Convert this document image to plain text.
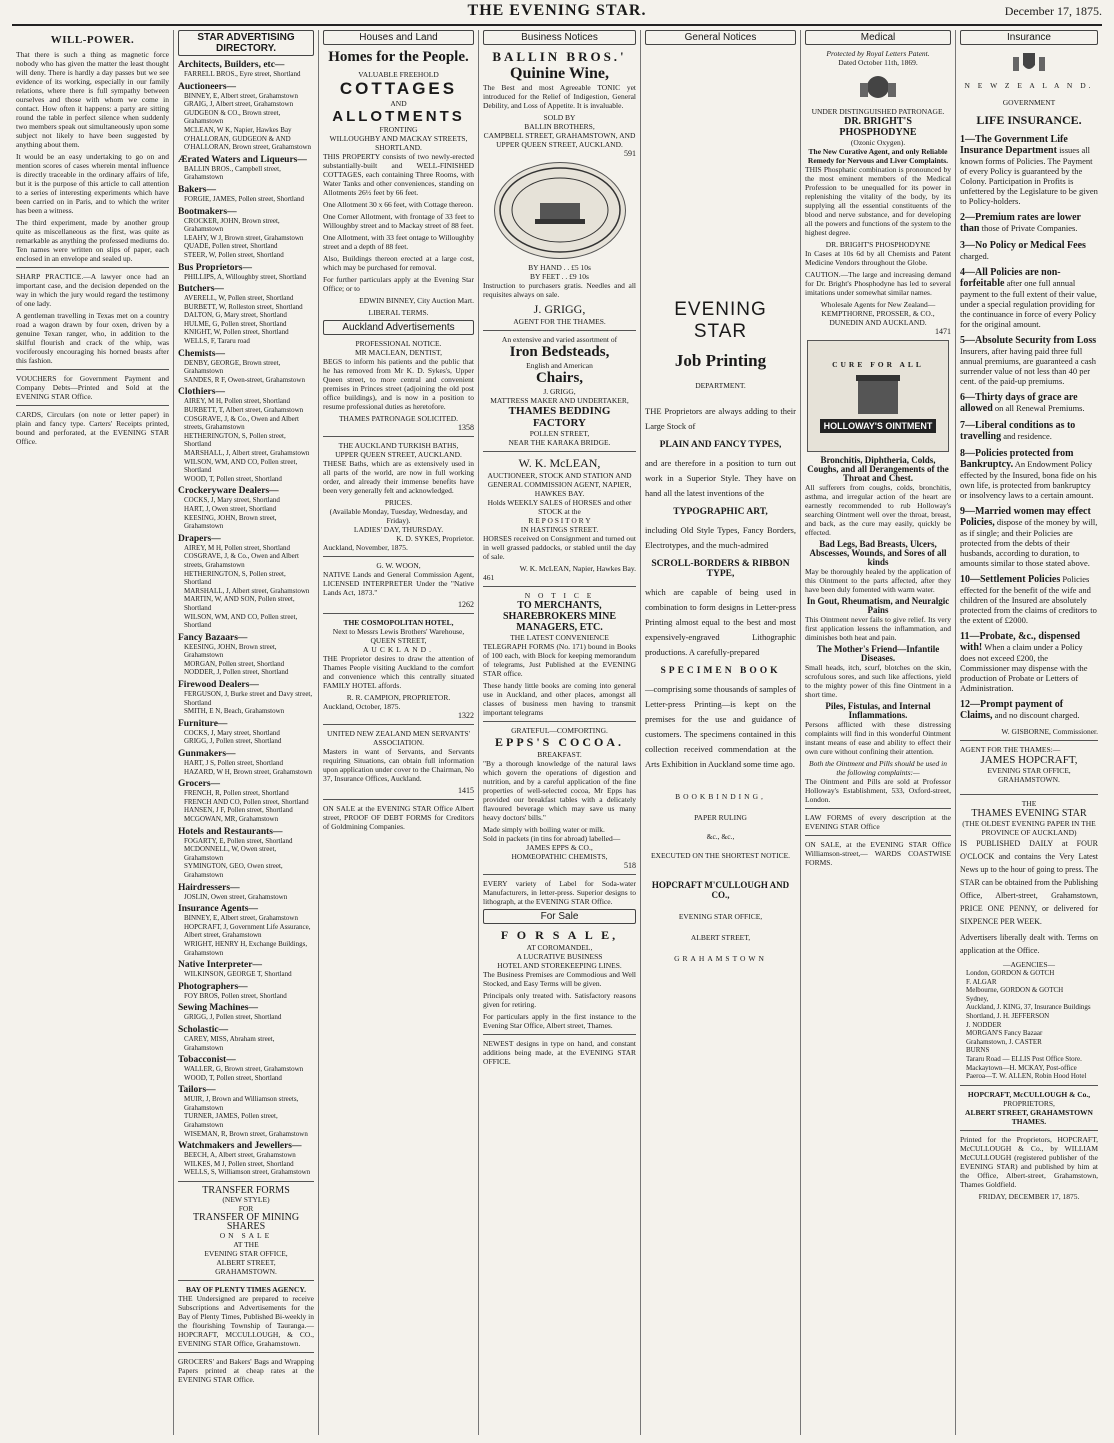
THE EVENING STAR.	December 17, 1875.
WILL-POWER.

That there is such a thing as magnetic force nobody who has given the matter the least thought will deny. There is hardly a day passes but we see evidence of its working, especially in our family relations, where there is full sympathy between ourselves and those with whom we come in contact. How often it happens: a party are sitting round the table in perfect silence when suddenly two members speak out simultaneously upon some subject not likely to have been suggested by anything about them.

It would be an easy undertaking to go on and mention scores of cases wherein mental influence is directly traceable in the ordinary affairs of life, but it is the purpose of this article to call attention to a series of interesting experiments which have been carried on in Paris, and to which the writer has been a witness.

The third experiment, made by another group quite as miscellaneous as the first, was quite as remarkable as anything the professed mediums do. Ten names were written on slips of paper, each enclosed in an envelope and sealed up.

SHARP PRACTICE.—A lawyer once had an important case, and the decision depended on the way in which the jury would regard the testimony of one lady.

A gentleman travelling in Texas met on a country road a wagon drawn by four oxen, driven by a genuine Texan ranger, who, in addition to the skilful flourish and crack of the whip, was vociferously encouraging his horned beasts after this fashion.

VOUCHERS for Government Payment and Company Debts—Printed and Sold at the EVENING STAR Office.

CARDS, Circulars (on note or letter paper) in plain and fancy type. Carters' Receipts printed, bound and perforated, at the EVENING STAR Office.

STAR ADVERTISING DIRECTORY.
Architects, Builders, etc—
FARRELL BROS., Eyre street, Shortland
Auctioneers—
BINNEY, E, Albert street, Grahamstown
GRAIG, J, Albert street, Grahamstown
GUDGEON & CO., Brown street, Grahamstown
MCLEAN, W K, Napier, Hawkes Bay
O'HALLORAN, GUDGEON & AND O'HALLORAN, Brown street, Grahamstown
Ærated Waters and Liqueurs—
BALLIN BROS., Campbell street, Grahamstown
Bakers—
FORGIE, JAMES, Pollen street, Shortland
Bootmakers—
CROCKER, JOHN, Brown street, Grahamstown
LEAHY, W J, Brown street, Grahamstown
QUADE, Pollen street, Shortland
STEER, W, Pollen street, Shortland
Bus Proprietors—
PHILLIPS, A, Willoughby street, Shortland
Butchers—
AVERELL, W, Pollen street, Shortland
BURBETT, W, Rolleston street, Shortland
DALTON, G, Mary street, Shortland
HULME, G, Pollen street, Shortland
KNIGHT, W, Pollen street, Shortland
WELLS, F, Tararu road
Chemists—
DENBY, GEORGE, Brown street, Grahamstown
SANDES, R F, Owen-street, Grahamstown
Clothiers—
AIREY, M H, Pollen street, Shortland
BURBETT, T, Albert street, Grahamstown
COSGRAVE, J, & Co., Owen and Albert streets, Grahamstown
HETHERINGTON, S, Pollen street, Shortland
MARSHALL, J, Albert street, Grahamstown
WILSON, WM, AND CO, Pollen street, Shortland
WOOD, T, Pollen street, Shortland
Crockeryware Dealers—
COCKS, J, Mary street, Shortland
HART, J, Owen street, Shortland
KEESING, JOHN, Brown street, Grahamstown
Drapers—
AIREY, M H, Pollen street, Shortland
COSGRAVE, J, & Co., Owen and Albert streets, Grahamstown
HETHERINGTON, S, Pollen street, Shortland
MARSHALL, J, Albert street, Grahamstown
MARTIN, W, AND SON, Pollen street, Shortland
WILSON, WM, AND CO, Pollen street, Shortland
Fancy Bazaars—
KEESING, JOHN, Brown street, Grahamstown
MORGAN, Pollen street, Shortland
NODDER, J, Pollen street, Shortland
Firewood Dealers—
FERGUSON, J, Burke street and Davy street, Shortland
SMITH, E N, Beach, Grahamstown
Furniture—
COCKS, J, Mary street, Shortland
GRIGG, J, Pollen street, Shortland
Gunmakers—
HART, J S, Pollen street, Shortland
HAZARD, W H, Brown street, Grahamstown
Grocers—
FRENCH, R, Pollen street, Shortland
FRENCH AND CO, Pollen street, Shortland
HANSEN, J F, Pollen street, Shortland
MCGOWAN, MR, Grahamstown
Hotels and Restaurants—
FOGARTY, E, Pollen street, Shortland
MCDONNELL, W, Owen street, Grahamstown
SYMINGTON, GEO, Owen street, Grahamstown
Hairdressers—
JOSLIN, Owen street, Grahamstown
Insurance Agents—
BINNEY, E, Albert street, Grahamstown
HOPCRAFT, J, Government Life Assurance, Albert street, Grahamstown
WRIGHT, HENRY H, Exchange Buildings, Grahamstown
Native Interpreter—
WILKINSON, GEORGE T, Shortland
Photographers—
FOY BROS, Pollen street, Shortland
Sewing Machines—
GRIGG, J, Pollen street, Shortland
Scholastic—
CAREY, MISS, Abraham street, Grahamstown
Tobacconist—
WALLER, G, Brown street, Grahamstown
WOOD, T, Pollen street, Shortland
Tailors—
MUIR, J, Brown and Williamson streets, Grahamstown
TURNER, JAMES, Pollen street, Grahamstown
WISEMAN, R, Brown street, Grahamstown
Watchmakers and Jewellers—
BEECH, A, Albert street, Grahamstown
WILKES, M J, Pollen street, Shortland
WELLS, S, Williamson street, Grahamstown
TRANSFER FORMS
(NEW STYLE)
FOR
TRANSFER OF MINING
SHARES
ON SALE
AT THE
EVENING STAR OFFICE,
ALBERT STREET,
GRAHAMSTOWN.
BAY OF PLENTY TIMES AGENCY.

THE Undersigned are prepared to receive Subscriptions and Advertisements for the Bay of Plenty Times, Published Bi-weekly in the flourishing Township of Tauranga.— HOPCRAFT, MCCULLOUGH, & CO., EVENING STAR Office, Grahamstown.

GROCERS' and Bakers' Bags and Wrapping Papers printed at cheap rates at the EVENING STAR Office.

Houses and Land
Homes for the People.
VALUABLE FREEHOLD
COTTAGES
AND
ALLOTMENTS
FRONTING
WILLOUGHBY AND MACKAY STREETS, SHORTLAND.

THIS PROPERTY consists of two newly-erected substantially-built and WELL-FINISHED COTTAGES, each containing Three Rooms, with Water Tanks and other conveniences, standing on Allotments 26½ feet by 66 feet.

One Allotment 30 x 66 feet, with Cottage thereon.

One Corner Allotment, with frontage of 33 feet to Willoughby street and to Mackay street of 88 feet.

One Allotment, with 33 feet ontage to Willoughby street and a depth of 88 feet.

Also, Buildings thereon erected at a large cost, which may be purchased for removal.

For further particulars apply at the Evening Star Office; or to

EDWIN BINNEY, City Auction Mart.
LIBERAL TERMS.
Auckland Advertisements
PROFESSIONAL NOTICE.
MR MACLEAN, DENTIST,

BEGS to inform his patients and the public that he has removed from Mr K. D. Sykes's, Upper Queen street, to more central and convenient premises in Princes street (adjoining the old post office buildings), and is now in a position to resume professional duties as heretofore.

THAMES PATRONAGE SOLICITED.
1358
THE AUCKLAND TURKISH BATHS,
UPPER QUEEN STREET, AUCKLAND.

THESE Baths, which are as extensively used in all parts of the world, are now in full working order, and already their immense benefits have been very generally felt and acknowledged.

PRICES.
(Available Monday, Tuesday, Wednesday, and Friday).
LADIES' DAY, THURSDAY.
K. D. SYKES, Proprietor.
Auckland, November, 1875.
G. W. WOON,

NATIVE Lands and General Commission Agent, LICENSED INTERPRETER Under the "Native Lands Act, 1873."

1262
THE COSMOPOLITAN HOTEL,
Next to Messrs Lewis Brothers' Warehouse, QUEEN STREET,
AUCKLAND.

THE Proprietor desires to draw the attention of Thames People visiting Auckland to the comfort and convenience which this centrally situated FAMILY HOTEL affords.

R. R. CAMPION, PROPRIETOR.
Auckland, October, 1875.
1322
UNITED NEW ZEALAND MEN SERVANTS' ASSOCIATION.

Masters in want of Servants, and Servants requiring Situations, can obtain full information upon application under cover to the Chairman, No 37, Insurance Offices, Auckland.

1415

ON SALE at the EVENING STAR Office Albert street, PROOF OF DEBT FORMS for Creditors of Goldmining Companies.

Business Notices
BALLIN BROS.'
Quinine Wine,

The Best and most Agreeable TONIC yet introduced for the Relief of Indigestion, General Debility, and Loss of Appetite. It is invaluable.

SOLD BY
BALLIN BROTHERS,
CAMPBELL STREET, GRAHAMSTOWN, AND UPPER QUEEN STREET, AUCKLAND.
591
BY HAND . . £5 10s
BY FEET . . £9 10s

Instruction to purchasers gratis. Needles and all requisites always on sale.

J. GRIGG,
AGENT FOR THE THAMES.
An extensive and varied assortment of
Iron Bedsteads,
English and American
Chairs,
J. GRIGG,
MATTRESS MAKER AND UNDERTAKER,
THAMES BEDDING FACTORY
POLLEN STREET,
NEAR THE KARAKA BRIDGE.
W. K. McLEAN,
AUCTIONEER, STOCK AND STATION AND GENERAL COMMISSION AGENT, NAPIER, HAWKES BAY.
Holds WEEKLY SALES of HORSES and other STOCK at the
R E P O S I T O R Y
IN HASTINGS STREET.

HORSES received on Consignment and turned out in well grassed paddocks, or stabled until the day of sale.

W. K. McLEAN, Napier, Hawkes Bay.
461
N O T I C E
TO MERCHANTS, SHAREBROKERS MINE MANAGERS, ETC.
THE LATEST CONVENIENCE

TELEGRAPH FORMS (No. 171) bound in Books of 100 each, with Block for keeping memorandum of telegrams, Just Published at the EVENING STAR office.

These handy little books are coming into general use in Auckland, and other places, amongst all classes of business men having to transmit important telegrams

GRATEFUL—COMFORTING.
EPPS'S COCOA.
BREAKFAST.

"By a thorough knowledge of the natural laws which govern the operations of digestion and nutrition, and by a careful application of the fine properties of well-selected cocoa, Mr Epps has provided our breakfast tables with a delicately flavoured beverage which may save us many heavy doctors' bills."

Made simply with boiling water or milk.
Sold in packets (in tins for abroad) labelled—
JAMES EPPS & CO.,
HOMŒOPATHIC CHEMISTS,
518

EVERY variety of Label for Soda-water Manufacturers, in letter-press. Superior designs to lithograph, at the EVENING STAR Office.

For Sale
F O R S A L E,
AT COROMANDEL,
A LUCRATIVE BUSINESS
HOTEL AND STOREKEEPING LINES.

The Business Premises are Commodious and Well Stocked, and Easy Terms will be given.

Principals only treated with. Satisfactory reasons given for retiring.

For particulars apply in the first instance to the Evening Star Office, Albert street, Thames.

NEWEST designs in type on hand, and constant additions being made, at the EVENING STAR OFFICE.

General Notices
EVENING STAR
Job Printing
DEPARTMENT.

THE Proprietors are always adding to their Large Stock of

PLAIN AND FANCY TYPES,

and are therefore in a position to turn out work in a Superior Style. They have on hand all the latest inventions of the

TYPOGRAPHIC ART,

including Old Style Types, Fancy Borders, Electrotypes, and the much-admired

SCROLL-BORDERS & RIBBON TYPE,

which are capable of being used in combination to form designs in Letter-press Printing almost equal to the best and most expensively-engraved Lithographic productions. A carefully-prepared

SPECIMEN BOOK

—comprising some thousands of samples of Letter-press Printing—is kept on the premises for the use and guidance of customers. The specimens contained in this collection received commendation at the Arts Exhibition in Auckland some time ago.

BOOKBINDING,
PAPER RULING
&c., &c.,
EXECUTED ON THE SHORTEST NOTICE.
HOPCRAFT M'CULLOUGH AND CO.,
EVENING STAR OFFICE,
ALBERT STREET,
GRAHAMSTOWN
Medical
Protected by Royal Letters Patent.
Dated October 11th, 1869.
UNDER DISTINGUISHED PATRONAGE.
DR. BRIGHT'S PHOSPHODYNE
(Ozonic Oxygen).
The New Curative Agent, and only Reliable Remedy for Nervous and Liver Complaints.

THIS Phosphatic combination is pronounced by the most eminent members of the Medical Profession to be unequalled for its power in replenishing the vitality of the body, by its supplying all the essential constituents of the blood and nerve substance, and for developing all the powers and functions of the system to the highest degree.

DR. BRIGHT'S PHOSPHODYNE

In Cases at 10s 6d by all Chemists and Patent Medicine Vendors throughout the Globe.

CAUTION.—The large and increasing demand for Dr. Bright's Phosphodyne has led to several imitations under somewhat similar names.

Wholesale Agents for New Zealand—
KEMPTHORNE, PROSSER, & CO.,
DUNEDIN AND AUCKLAND.
1471
CURE FOR ALL
HOLLOWAY'S OINTMENT
Bronchitis, Diphtheria, Colds, Coughs, and all Derangements of the Throat and Chest.

All sufferers from coughs, colds, bronchitis, asthma, and irregular action of the heart are earnestly recommended to rub Holloway's searching Ointment well over the throat, breast, and back, as the cure may easily, quickly be effected.

Bad Legs, Bad Breasts, Ulcers, Abscesses, Wounds, and Sores of all kinds

May be thoroughly healed by the application of this Ointment to the parts affected, after they have been duly fomented with warm water.

In Gout, Rheumatism, and Neuralgic Pains

This Ointment never fails to give relief. Its very first application lessens the inflammation, and diminishes both heat and pain.

The Mother's Friend—Infantile Diseases.

Small heads, itch, scurf, blotches on the skin, scrofulous sores, and such like affections, yield to the mighty power of this fine Ointment in a short time.

Piles, Fistulas, and Internal Inflammations.

Persons afflicted with these distressing complaints will find in this wonderful Ointment instant means of ease and ability to effect their own cure without confining their attention.

Both the Ointment and Pills should be used in the following complaints:—

The Ointment and Pills are sold at Professor Holloway's Establishment, 533, Oxford-street, London.

LAW FORMS of every description at the EVENING STAR Office

ON SALE, at the EVENING STAR Office Williamson-street,— WARDS COASTWISE FORMS.

Insurance
N E W Z E A L A N D.
GOVERNMENT
LIFE INSURANCE.
1—The Government Life Insurance Department issues all known forms of Policies. The Payment of every Policy is guaranteed by the Colony. Participation in Profits is unfettered by the Legislature to be given to Policy-holders.
2—Premium rates are lower than those of Private Companies.
3—No Policy or Medical Fees charged.
4—All Policies are non-forfeitable after one full annual payment to the full extent of their value, under a special regulation providing for the continuance in force of every Policy for the original amount.
5—Absolute Security from Loss Insurers, after having paid three full annual premiums, are guaranteed a cash surrender value of not less than 40 per cent. of the paid-up premiums.
6—Thirty days of grace are allowed on all Renewal Premiums.
7—Liberal conditions as to travelling and residence.
8—Policies protected from Bankruptcy. An Endowment Policy effected by the Insured, bona fide on his own life, is protected from bankruptcy or insolvency laws to a certain amount.
9—Married women may effect Policies, dispose of the money by will, as if single; and their Policies are protected from the debts of their husbands, according to duration, to amounts similar to those stated above.
10—Settlement Policies Policies effected for the benefit of the wife and children of the Insured are absolutely protected from the claims of creditors to the extent of £2000.
11—Probate, &c., dispensed with! When a claim under a Policy does not exceed £200, the Commissioner may dispense with the production of Probate or Letters of Administration.
12—Prompt payment of Claims, and no discount charged.
W. GISBORNE, Commissioner.
AGENT FOR THE THAMES:—
JAMES HOPCRAFT,
EVENING STAR OFFICE,
GRAHAMSTOWN.
THE
THAMES EVENING STAR
(THE OLDEST EVENING PAPER IN THE PROVINCE OF AUCKLAND)

IS PUBLISHED DAILY at FOUR O'CLOCK and contains the Very Latest News up to the hour of going to press. The STAR can be obtained from the Publishing Office, Albert-street, Grahamstown, PRICE ONE PENNY, or delivered for SIXPENCE PER WEEK.

Advertisers liberally dealt with. Terms on application at the Office.

—AGENCIES—
London, GORDON & GOTCH
F. ALGAR
Melbourne, GORDON & GOTCH
Sydney,
Auckland, J. KING, 37, Insurance Buildings
Shortland, J. H. JEFFERSON
J. NODDER
MORGAN'S Fancy Bazaar
Grahamstown, J. CASTER
BURNS
Tararu Road — ELLIS Post Office Store.
Mackaytown—H. MCKAY, Post-office
Paeroa—T. W. ALLEN, Robin Hood Hotel
HOPCRAFT, McCULLOUGH & Co.,
PROPRIETORS,
ALBERT STREET, GRAHAMSTOWN THAMES.

Printed for the Proprietors, HOPCRAFT, McCULLOUGH & Co., by WILLIAM McCULLOUGH (registered publisher of the EVENING STAR) and published by him at the Office, Albert-street, Grahamstown, Thames Goldfield.

FRIDAY, DECEMBER 17, 1875.
